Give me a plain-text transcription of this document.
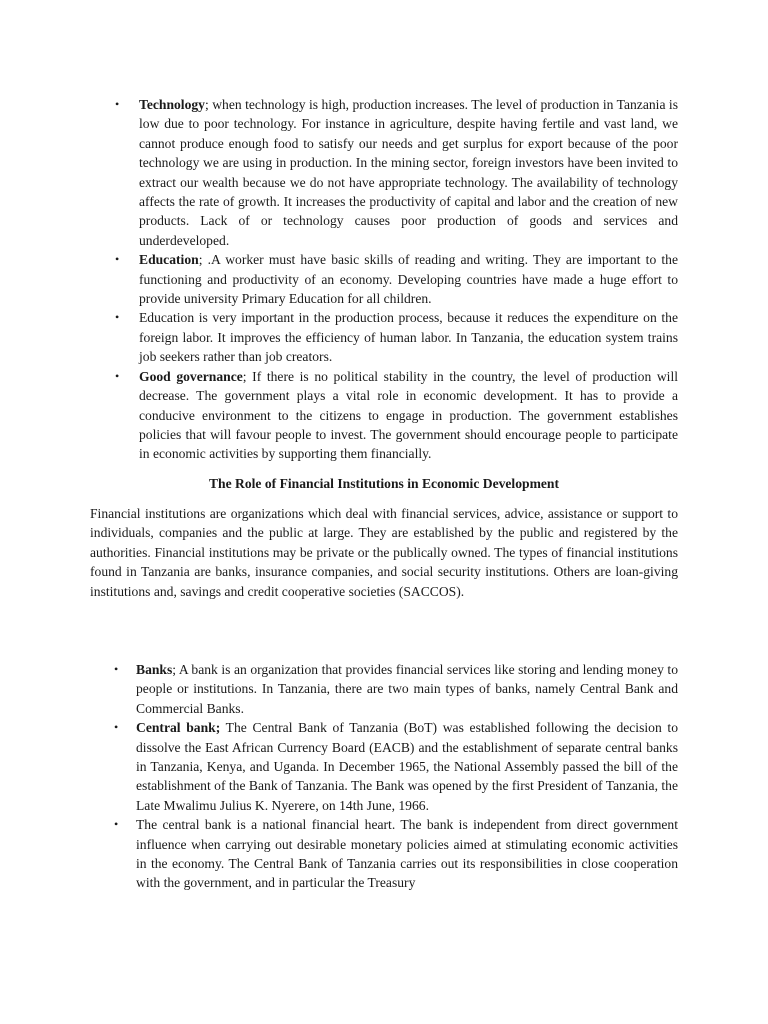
• Technology; when technology is high, production increases. The level of production in Tanzania is low due to poor technology. For instance in agriculture, despite having fertile and vast land, we cannot produce enough food to satisfy our needs and get surplus for export because of the poor technology we are using in production. In the mining sector, foreign investors have been invited to extract our wealth because we do not have appropriate technology. The availability of technology affects the rate of growth. It increases the productivity of capital and labor and the creation of new products. Lack of or technology causes poor production of goods and services and underdeveloped.
• Education; .A worker must have basic skills of reading and writing. They are important to the functioning and productivity of an economy. Developing countries have made a huge effort to provide university Primary Education for all children.
• Education is very important in the production process, because it reduces the expenditure on the foreign labor. It improves the efficiency of human labor. In Tanzania, the education system trains job seekers rather than job creators.
• Good governance; If there is no political stability in the country, the level of production will decrease. The government plays a vital role in economic development. It has to provide a conducive environment to the citizens to engage in production. The government establishes policies that will favour people to invest. The government should encourage people to participate in economic activities by supporting them financially.
The Role of Financial Institutions in Economic Development

Financial institutions are organizations which deal with financial services, advice, assistance or support to individuals, companies and the public at large. They are established by the public and registered by the authorities. Financial institutions may be private or the publically owned. The types of financial institutions found in Tanzania are banks, insurance companies, and social security institutions. Others are loan-giving institutions and, savings and credit cooperative societies (SACCOS).

• Banks; A bank is an organization that provides financial services like storing and lending money to people or institutions. In Tanzania, there are two main types of banks, namely Central Bank and Commercial Banks.
• Central bank; The Central Bank of Tanzania (BoT) was established following the decision to dissolve the East African Currency Board (EACB) and the establishment of separate central banks in Tanzania, Kenya, and Uganda. In December 1965, the National Assembly passed the bill of the establishment of the Bank of Tanzania. The Bank was opened by the first President of Tanzania, the Late Mwalimu Julius K. Nyerere, on 14th June, 1966.
• The central bank is a national financial heart. The bank is independent from direct government influence when carrying out desirable monetary policies aimed at stimulating economic activities in the economy. The Central Bank of Tanzania carries out its responsibilities in close cooperation with the government, and in particular the Treasury
